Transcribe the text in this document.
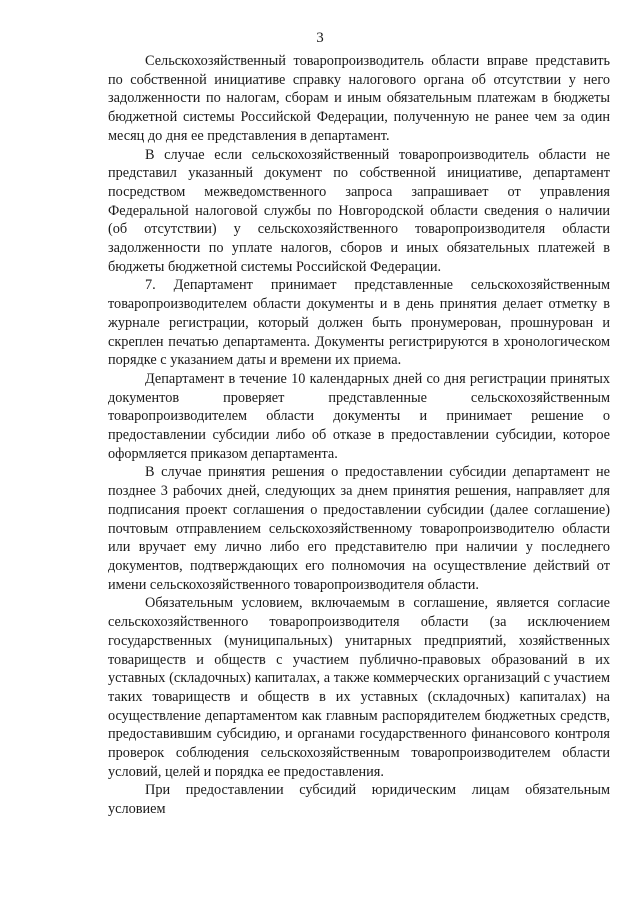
3

Сельскохозяйственный товаропроизводитель области вправе представить по собственной инициативе справку налогового органа об отсутствии у него задолженности по налогам, сборам и иным обязательным платежам в бюджеты бюджетной системы Российской Федерации, полученную не ранее чем за один месяц до дня ее представления в департамент.

В случае если сельскохозяйственный товаропроизводитель области не представил указанный документ по собственной инициативе, департамент посредством межведомственного запроса запрашивает от управления Федеральной налоговой службы по Новгородской области сведения о наличии (об отсутствии) у сельскохозяйственного товаропроизводителя области задолженности по уплате налогов, сборов и иных обязательных платежей в бюджеты бюджетной системы Российской Федерации.

7. Департамент принимает представленные сельскохозяйственным товаропроизводителем области документы и в день принятия делает отметку в журнале регистрации, который должен быть пронумерован, прошнурован и скреплен печатью департамента. Документы регистрируются в хронологическом порядке с указанием даты и времени их приема.

Департамент в течение 10 календарных дней со дня регистрации принятых документов проверяет представленные сельскохозяйственным товаропроизводителем области документы и принимает решение о предоставлении субсидии либо об отказе в предоставлении субсидии, которое оформляется приказом департамента.

В случае принятия решения о предоставлении субсидии департамент не позднее 3 рабочих дней, следующих за днем принятия решения, направляет для подписания проект соглашения о предоставлении субсидии (далее соглашение) почтовым отправлением сельскохозяйственному товаропроизводителю области или вручает ему лично либо его представителю при наличии у последнего документов, подтверждающих его полномочия на осуществление действий от имени сельскохозяйственного товаропроизводителя области.

Обязательным условием, включаемым в соглашение, является согласие сельскохозяйственного товаропроизводителя области (за исключением государственных (муниципальных) унитарных предприятий, хозяйственных товариществ и обществ с участием публично-правовых образований в их уставных (складочных) капиталах, а также коммерческих организаций с участием таких товариществ и обществ в их уставных (складочных) капиталах) на осуществление департаментом как главным распорядителем бюджетных средств, предоставившим субсидию, и органами государственного финансового контроля проверок соблюдения сельскохозяйственным товаропроизводителем области условий, целей и порядка ее предоставления.

При предоставлении субсидий юридическим лицам обязательным условием
